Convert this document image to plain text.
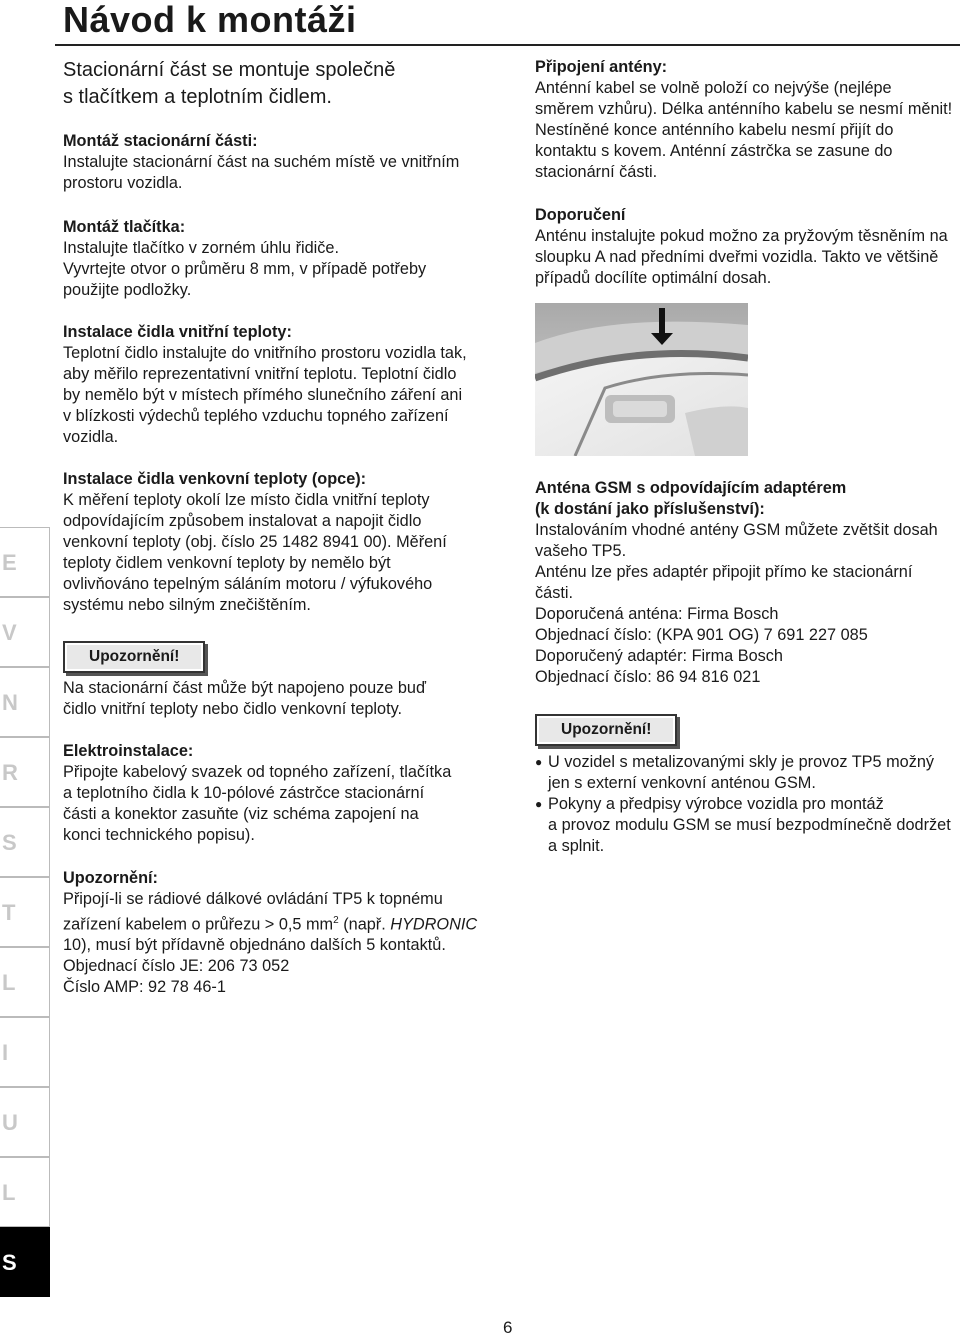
Návod k montáži

Stacionární část se montuje společně

s tlačítkem a teplotním čidlem.

Montáž stacionární části:

Instalujte stacionární část na suchém místě ve vnitřním

prostoru vozidla.

Montáž tlačítka:

Instalujte tlačítko v zorném úhlu řidiče.

Vyvrtejte otvor o průměru 8 mm, v případě potřeby

použijte podložky.

Instalace čidla vnitřní teploty:

Teplotní čidlo instalujte do vnitřního prostoru vozidla tak,

aby měřilo reprezentativní vnitřní teplotu. Teplotní čidlo

by nemělo být v místech přímého slunečního záření ani

v blízkosti výdechů teplého vzduchu topného zařízení

vozidla.

Instalace čidla venkovní teploty (opce):

K měření teploty okolí lze místo čidla vnitřní teploty

odpovídajícím způsobem instalovat a napojit čidlo

venkovní teploty (obj. číslo 25 1482 8941 00). Měření

teploty čidlem venkovní teploty by nemělo být

ovlivňováno tepelným sáláním motoru / výfukového

systému nebo silným znečištěním.

Upozornění!

Na stacionární část může být napojeno pouze buď

čidlo vnitřní teploty nebo čidlo venkovní teploty.

Elektroinstalace:

Připojte kabelový svazek od topného zařízení, tlačítka

a teplotního čidla k 10-pólové zástrčce stacionární

části a konektor zasuňte (viz schéma zapojení na

konci technického popisu).

Upozornění:

Připojí-li se rádiové dálkové ovládání TP5 k topnému

zařízení kabelem o průřezu > 0,5 $mm^2$ (např. HYDRONIC

10), musí být přídavně objednáno dalších 5 kontaktů.

Objednací číslo JE: 206 73 052

Číslo AMP: 92 78 46-1

Připojení antény:

Anténní kabel se volně položí co nejvýše (nejlépe

směrem vzhůru). Délka anténního kabelu se nesmí měnit!

Nestíněné konce anténního kabelu nesmí přijít do

kontaktu s kovem. Anténní zástrčka se zasune do

stacionární části.

Doporučení

Anténu instalujte pokud možno za pryžovým těsněním na

sloupku A nad předními dveřmi vozidla. Takto ve většině

případů docílíte optimální dosah.

Anténa GSM s odpovídajícím adaptérem

(k dostání jako příslušenství):

Instalováním vhodné antény GSM můžete zvětšit dosah

vašeho TP5.

Anténu lze přes adaptér připojit přímo ke stacionární

části.

Doporučená anténa: Firma Bosch

Objednací číslo: (KPA 901 OG) 7 691 227 085

Doporučený adaptér: Firma Bosch

Objednací číslo: 86 94 816 021

Upozornění!

● U vozidel s metalizovanými skly je provoz TP5 možný

jen s externí venkovní anténou GSM.

● Pokyny a předpisy výrobce vozidla pro montáž

a provoz modulu GSM se musí bezpodmínečně dodržet

a splnit.

E
V
N
R
S
T
L
I
U
L
S
6
